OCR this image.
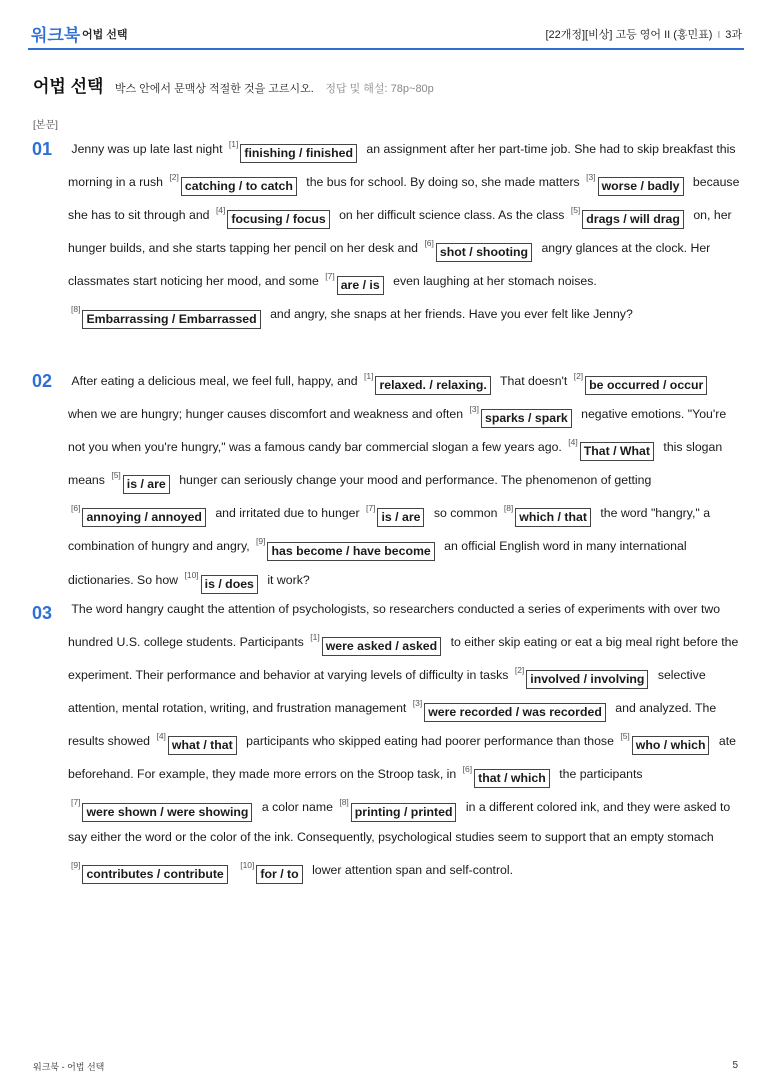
워크북 어법 선택	[22개정][비상] 고등 영어 II (홍민표) I 3과
어법 선택 박스 안에서 문맥상 적절한 것을 고르시오. 정답 및 해설: 78p~80p
[본문]
01 Jenny was up late last night [1]finishing / finished an assignment after her part-time job. She had to skip breakfast this morning in a rush [2]catching / to catch the bus for school. By doing so, she made matters [3]worse / badly because she has to sit through and [4]focusing / focus on her difficult science class. As the class [5]drags / will drag on, her hunger builds, and she starts tapping her pencil on her desk and [6]shot / shooting angry glances at the clock. Her classmates start noticing her mood, and some [7]are / is even laughing at her stomach noises. [8]Embarrassing / Embarrassed and angry, she snaps at her friends. Have you ever felt like Jenny?
02 After eating a delicious meal, we feel full, happy, and [1]relaxed. / relaxing. That doesn't [2]be occurred / occur when we are hungry; hunger causes discomfort and weakness and often [3]sparks / spark negative emotions. "You're not you when you're hungry," was a famous candy bar commercial slogan a few years ago. [4]That / What this slogan means [5]is / are hunger can seriously change your mood and performance. The phenomenon of getting [6]annoying / annoyed and irritated due to hunger [7]is / are so common [8]which / that the word "hangry," a combination of hungry and angry, [9]has become / have become an official English word in many international dictionaries. So how [10]is / does it work?
03 The word hangry caught the attention of psychologists, so researchers conducted a series of experiments with over two hundred U.S. college students. Participants [1]were asked / asked to either skip eating or eat a big meal right before the experiment. Their performance and behavior at varying levels of difficulty in tasks [2]involved / involving selective attention, mental rotation, writing, and frustration management [3]were recorded / was recorded and analyzed. The results showed [4]what / that participants who skipped eating had poorer performance than those [5]who / which ate beforehand. For example, they made more errors on the Stroop task, in [6]that / which the participants [7]were shown / were showing a color name [8]printing / printed in a different colored ink, and they were asked to say either the word or the color of the ink. Consequently, psychological studies seem to support that an empty stomach [9]contributes / contribute [10]for / to lower attention span and self-control.
워크북 - 어법 선택	5
